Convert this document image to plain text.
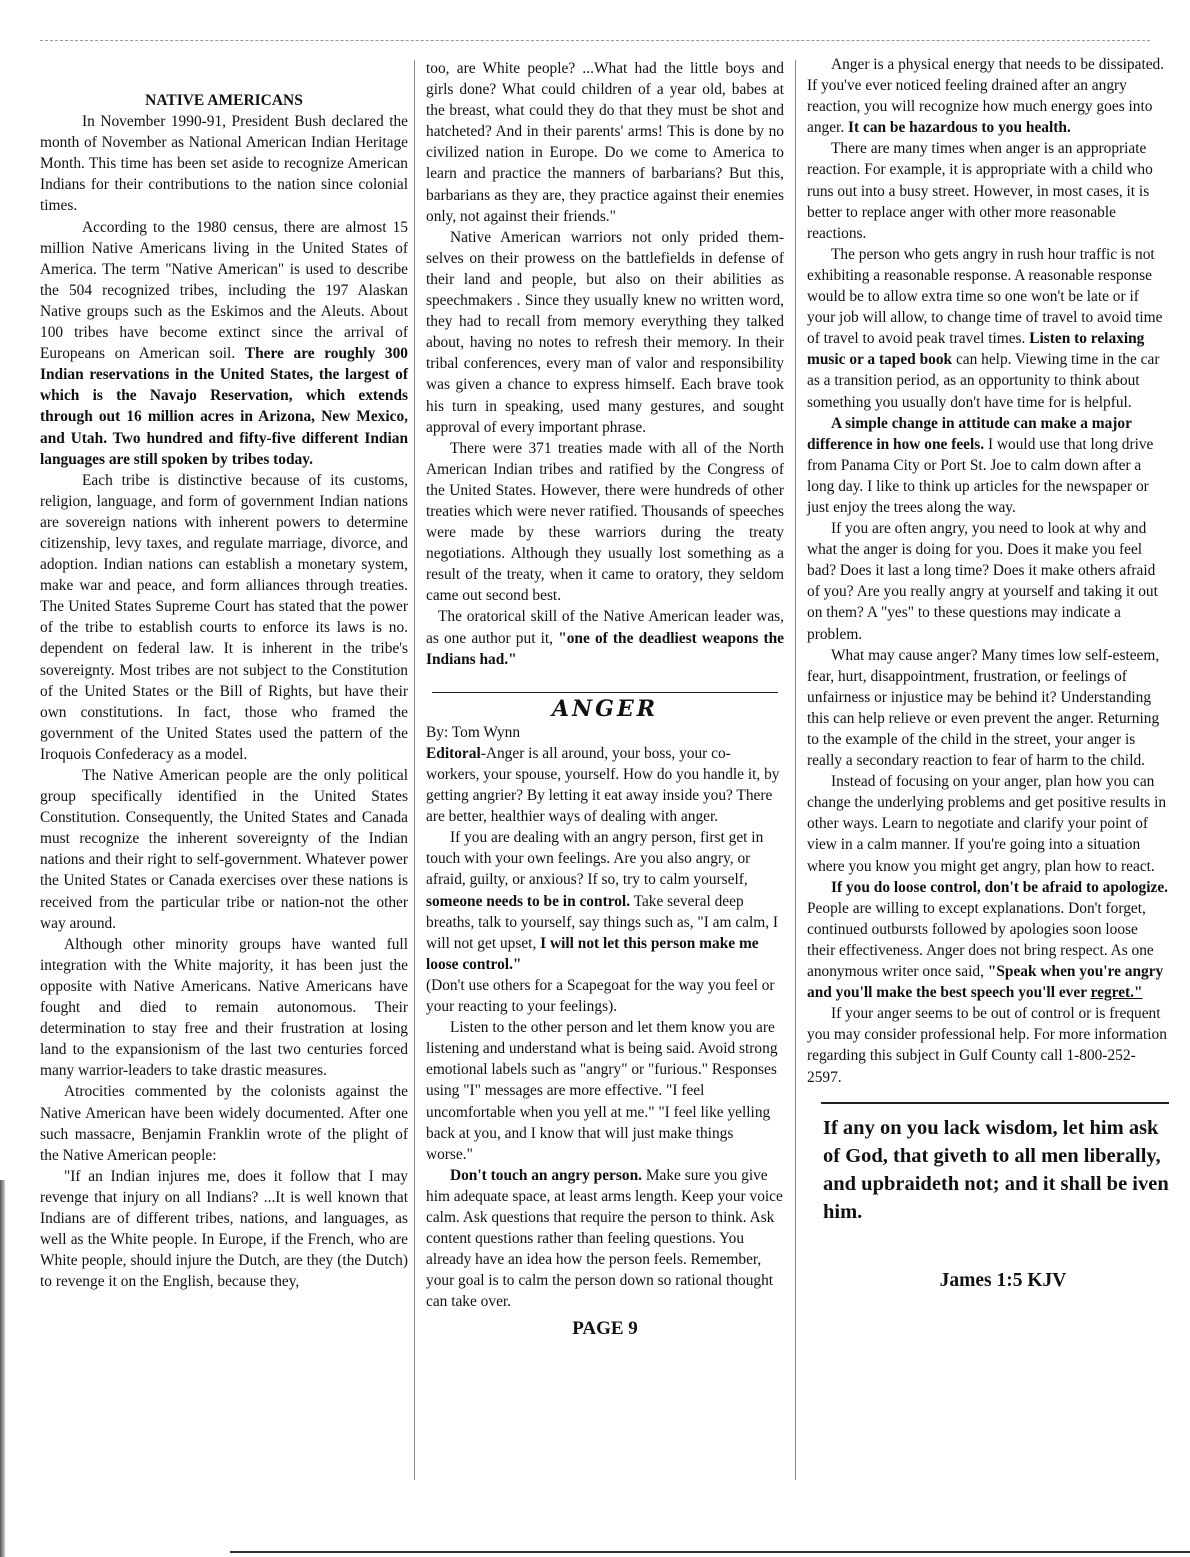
NATIVE AMERICANS

In November 1990-91, President Bush declared the month of November as National American Indian Heritage Month. This time has been set aside to recognize American Indians for their contributions to the nation since colonial times.

According to the 1980 census, there are almost 15 million Native Americans living in the United States of America. The term "Native American" is used to describe the 504 recognized tribes, including the 197 Alaskan Native groups such as the Eskimos and the Aleuts. About 100 tribes have become extinct since the arrival of Europeans on American soil. There are roughly 300 Indian reservations in the United States, the largest of which is the Navajo Reservation, which extends through out 16 million acres in Arizona, New Mexico, and Utah. Two hundred and fifty-five different Indian languages are still spoken by tribes today.

Each tribe is distinctive because of its customs, religion, language, and form of government Indian nations are sovereign nations with inherent powers to determine citizenship, levy taxes, and regulate marriage, divorce, and adoption. Indian nations can establish a monetary system, make war and peace, and form alliances through treaties. The United States Supreme Court has stated that the power of the tribe to establish courts to enforce its laws is no. dependent on federal law. It is inherent in the tribe's sovereignty. Most tribes are not subject to the Constitution of the United States or the Bill of Rights, but have their own constitutions. In fact, those who framed the government of the United States used the pattern of the Iroquois Confederacy as a model.

The Native American people are the only political group specifically identified in the United States Constitution. Consequently, the United States and Canada must recognize the inherent sovereignty of the Indian nations and their right to self-government. Whatever power the United States or Canada exercises over these nations is received from the particular tribe or nation-not the other way around.

Although other minority groups have wanted full integration with the White majority, it has been just the opposite with Native Americans. Native Americans have fought and died to remain autonomous. Their determination to stay free and their frustration at losing land to the expansionism of the last two centuries forced many warrior-leaders to take drastic measures.

Atrocities commented by the colonists against the Native American have been widely documented. After one such massacre, Benjamin Franklin wrote of the plight of the Native American people:

"If an Indian injures me, does it follow that I may revenge that injury on all Indians? ...It is well known that Indians are of different tribes, nations, and languages, as well as the White people. In Europe, if the French, who are White people, should injure the Dutch, are they (the Dutch) to revenge it on the English, because they,

too, are White people? ...What had the little boys and girls done? What could children of a year old, babes at the breast, what could they do that they must be shot and hatcheted? And in their parents' arms! This is done by no civilized nation in Europe. Do we come to America to learn and practice the manners of barbarians? But this, barbarians as they are, they practice against their enemies only, not against their friends."

Native American warriors not only prided them-selves on their prowess on the battlefields in defense of their land and people, but also on their abilities as speechmakers . Since they usually knew no written word, they had to recall from memory everything they talked about, having no notes to refresh their memory. In their tribal conferences, every man of valor and responsibility was given a chance to express himself. Each brave took his turn in speaking, used many gestures, and sought approval of every important phrase.

There were 371 treaties made with all of the North American Indian tribes and ratified by the Congress of the United States. However, there were hundreds of other treaties which were never ratified. Thousands of speeches were made by these warriors during the treaty negotiations. Although they usually lost something as a result of the treaty, when it came to oratory, they seldom came out second best.

The oratorical skill of the Native American leader was, as one author put it, "one of the deadliest weapons the Indians had."

ANGER

By: Tom Wynn

Editoral-Anger is all around, your boss, your co-workers, your spouse, yourself. How do you handle it, by getting angrier? By letting it eat away inside you? There are better, healthier ways of dealing with anger.

If you are dealing with an angry person, first get in touch with your own feelings. Are you also angry, or afraid, guilty, or anxious? If so, try to calm yourself, someone needs to be in control. Take several deep breaths, talk to yourself, say things such as, "I am calm, I will not get upset, I will not let this person make me loose control."

(Don't use others for a Scapegoat for the way you feel or your reacting to your feelings).

Listen to the other person and let them know you are listening and understand what is being said. Avoid strong emotional labels such as "angry" or "furious." Responses using "I" messages are more effective. "I feel uncomfortable when you yell at me." "I feel like yelling back at you, and I know that will just make things worse."

Don't touch an angry person. Make sure you give him adequate space, at least arms length. Keep your voice calm. Ask questions that require the person to think. Ask content questions rather than feeling questions. You already have an idea how the person feels. Remember, your goal is to calm the person down so rational thought can take over.

PAGE 9

Anger is a physical energy that needs to be dissipated. If you've ever noticed feeling drained after an angry reaction, you will recognize how much energy goes into anger. It can be hazardous to you health.

There are many times when anger is an appropriate reaction. For example, it is appropriate with a child who runs out into a busy street. However, in most cases, it is better to replace anger with other more reasonable reactions.

The person who gets angry in rush hour traffic is not exhibiting a reasonable response. A reasonable response would be to allow extra time so one won't be late or if your job will allow, to change time of travel to avoid time of travel to avoid peak travel times. Listen to relaxing music or a taped book can help. Viewing time in the car as a transition period, as an opportunity to think about something you usually don't have time for is helpful.

A simple change in attitude can make a major difference in how one feels. I would use that long drive from Panama City or Port St. Joe to calm down after a long day. I like to think up articles for the newspaper or just enjoy the trees along the way.

If you are often angry, you need to look at why and what the anger is doing for you. Does it make you feel bad? Does it last a long time? Does it make others afraid of you? Are you really angry at yourself and taking it out on them? A "yes" to these questions may indicate a problem.

What may cause anger? Many times low self-esteem, fear, hurt, disappointment, frustration, or feelings of unfairness or injustice may be behind it? Understanding this can help relieve or even prevent the anger. Returning to the example of the child in the street, your anger is really a secondary reaction to fear of harm to the child.

Instead of focusing on your anger, plan how you can change the underlying problems and get positive results in other ways. Learn to negotiate and clarify your point of view in a calm manner. If you're going into a situation where you know you might get angry, plan how to react.

If you do loose control, don't be afraid to apologize. People are willing to except explanations. Don't forget, continued outbursts followed by apologies soon loose their effectiveness. Anger does not bring respect. As one anonymous writer once said, "Speak when you're angry and you'll make the best speech you'll ever regret."

If your anger seems to be out of control or is frequent you may consider professional help. For more information regarding this subject in Gulf County call 1-800-252-2597.

If any on you lack wisdom, let him ask of God, that giveth to all men liberally, and upbraideth not; and it shall be iven him.

James 1:5 KJV
